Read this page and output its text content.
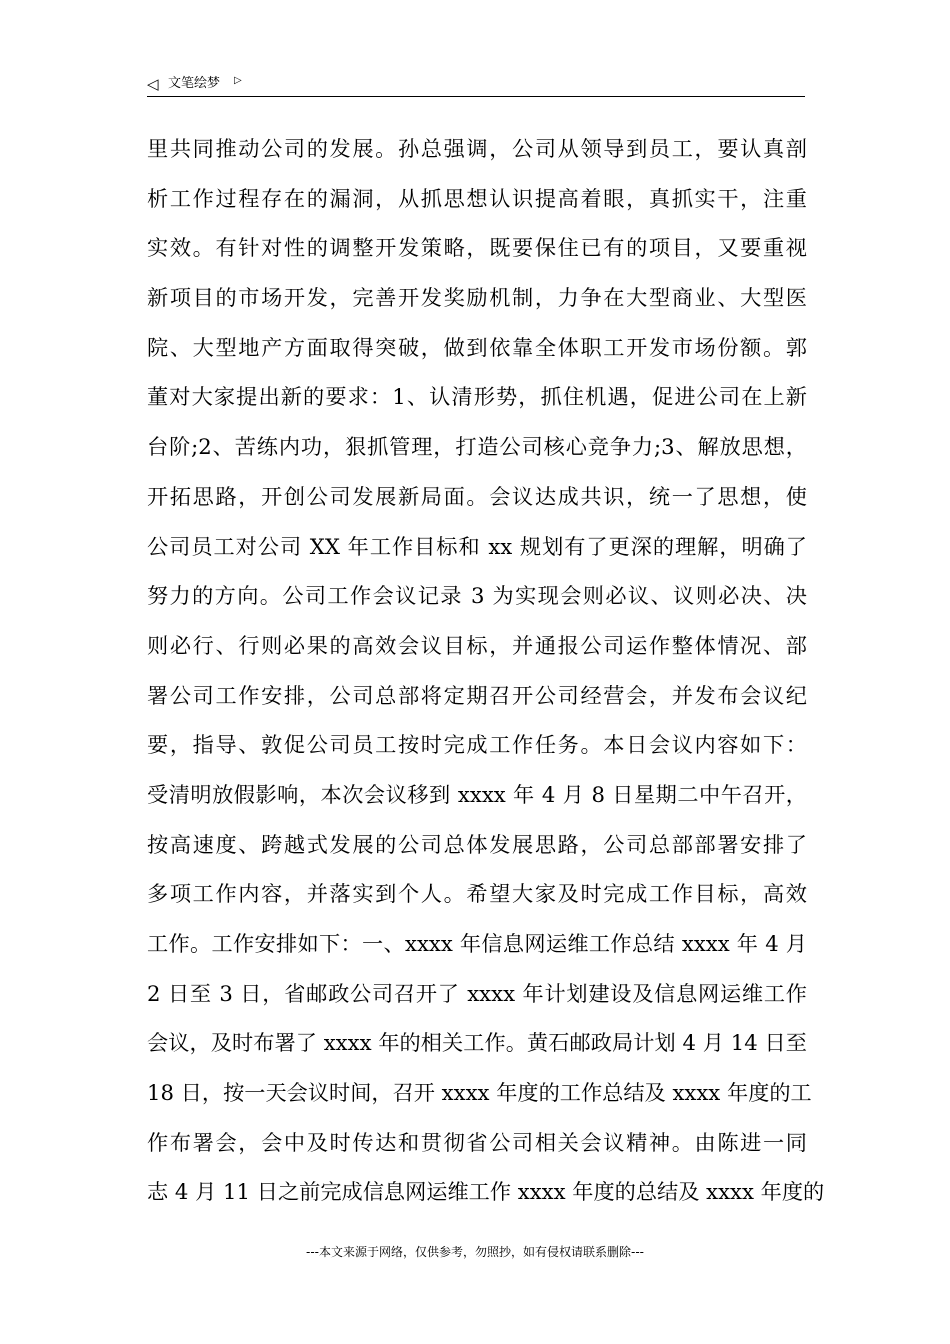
◁ 文笔绘梦 ▷
里共同推动公司的发展。孙总强调，公司从领导到员工，要认真剖
析工作过程存在的漏洞，从抓思想认识提高着眼，真抓实干，注重
实效。有针对性的调整开发策略，既要保住已有的项目，又要重视
新项目的市场开发，完善开发奖励机制，力争在大型商业、大型医
院、大型地产方面取得突破，做到依靠全体职工开发市场份额。郭
董对大家提出新的要求：1、认清形势，抓住机遇，促进公司在上新
台阶;2、苦练内功，狠抓管理，打造公司核心竞争力;3、解放思想，
开拓思路，开创公司发展新局面。会议达成共识，统一了思想，使
公司员工对公司 XX 年工作目标和 xx 规划有了更深的理解，明确了
努力的方向。公司工作会议记录 3 为实现会则必议、议则必决、决
则必行、行则必果的高效会议目标，并通报公司运作整体情况、部
署公司工作安排，公司总部将定期召开公司经营会，并发布会议纪
要，指导、敦促公司员工按时完成工作任务。本日会议内容如下：
受清明放假影响，本次会议移到 xxxx 年 4 月 8 日星期二中午召开，
按高速度、跨越式发展的公司总体发展思路，公司总部部署安排了
多项工作内容，并落实到个人。希望大家及时完成工作目标，高效
工作。工作安排如下：一、xxxx 年信息网运维工作总结 xxxx 年 4 月
2 日至 3 日，省邮政公司召开了 xxxx 年计划建设及信息网运维工作
会议，及时布署了 xxxx 年的相关工作。黄石邮政局计划 4 月 14 日至
18 日，按一天会议时间，召开 xxxx 年度的工作总结及 xxxx 年度的工
作布署会，会中及时传达和贯彻省公司相关会议精神。由陈进一同
志 4 月 11 日之前完成信息网运维工作 xxxx 年度的总结及 xxxx 年度的
---本文来源于网络，仅供参考，勿照抄，如有侵权请联系删除---
